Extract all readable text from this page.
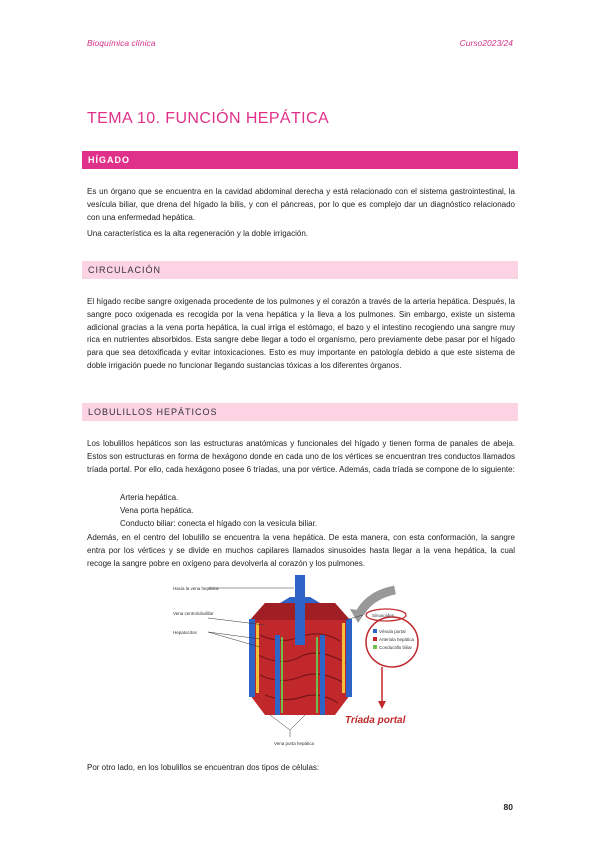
Bioquímica clínica	Curso2023/24
TEMA 10. FUNCIÓN HEPÁTICA
HÍGADO
Es un órgano que se encuentra en la cavidad abdominal derecha y está relacionado con el sistema gastrointestinal, la vesícula biliar, que drena del hígado la bilis, y con el páncreas, por lo que es complejo dar un diagnóstico relacionado con una enfermedad hepática.
Una característica es la alta regeneración y la doble irrigación.
CIRCULACIÓN
El hígado recibe sangre oxigenada procedente de los pulmones y el corazón a través de la arteria hepática. Después, la sangre poco oxigenada es recogida por la vena hepática y la lleva a los pulmones. Sin embargo, existe un sistema adicional gracias a la vena porta hepática, la cual irriga el estómago, el bazo y el intestino recogiendo una sangre muy rica en nutrientes absorbidos. Esta sangre debe llegar a todo el organismo, pero previamente debe pasar por el hígado para que sea detoxificada y evitar intoxicaciones. Esto es muy importante en patología debido a que este sistema de doble irrigación puede no funcionar llegando sustancias tóxicas a los diferentes órganos.
LOBULILLOS HEPÁTICOS
Los lobulillos hepáticos son las estructuras anatómicas y funcionales del hígado y tienen forma de panales de abeja. Estos son estructuras en forma de hexágono donde en cada uno de los vértices se encuentran tres conductos llamados tríada portal. Por ello, cada hexágono posee 6 tríadas, una por vértice. Además, cada tríada se compone de lo siguiente:
Arteria hepática.
Vena porta hepática.
Conducto biliar: conecta el hígado con la vesícula biliar.
Además, en el centro del lobulillo se encuentra la vena hepática. De esta manera, con esta conformación, la sangre entra por los vértices y se divide en muchos capilares llamados sinusoides hasta llegar a la vena hepática, la cual recoge la sangre pobre en oxígeno para devolverla al corazón y los pulmones.
Hacia la vena hepática
Vena centrolobulillar
Hepatocitos
Sinusoides
Vénula portal
Arteriola hepática
Conductillo biliar
Vena porta hepática
Tríada portal
Por otro lado, en los lobulillos se encuentran dos tipos de células:
80
